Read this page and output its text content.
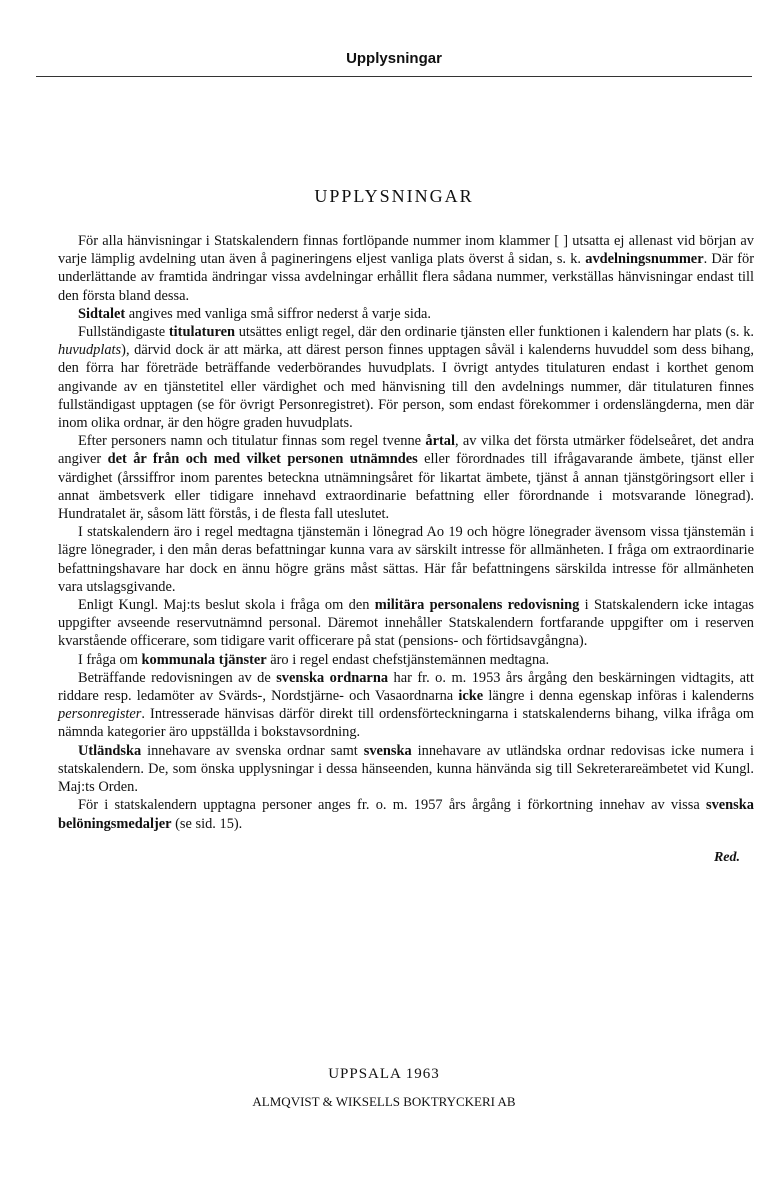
Upplysningar
UPPLYSNINGAR

För alla hänvisningar i Statskalendern finnas fortlöpande nummer inom klammer [ ] utsatta ej allenast vid början av varje lämplig avdelning utan även å pagineringens eljest vanliga plats överst å sidan, s. k. avdelningsnummer. Där för underlättande av framtida ändringar vissa avdelningar erhållit flera sådana nummer, verkställas hänvisningar endast till den första bland dessa.

Sidtalet angives med vanliga små siffror nederst å varje sida.

Fullständigaste titulaturen utsättes enligt regel, där den ordinarie tjänsten eller funktionen i kalendern har plats (s. k. huvudplats), därvid dock är att märka, att därest person finnes upptagen såväl i kalenderns huvuddel som dess bihang, den förra har företräde beträffande vederbörandes huvudplats. I övrigt antydes titulaturen endast i korthet genom angivande av en tjänstetitel eller värdighet och med hänvisning till den avdelnings nummer, där titulaturen finnes fullständigast upptagen (se för övrigt Personregistret). För person, som endast förekommer i ordenslängderna, men där inom olika ordnar, är den högre graden huvudplats.

Efter personers namn och titulatur finnas som regel tvenne årtal, av vilka det första utmärker födelseåret, det andra angiver det år från och med vilket personen utnämndes eller förordnades till ifrågavarande ämbete, tjänst eller värdighet (årssiffror inom parentes beteckna utnämningsåret för likartat ämbete, tjänst å annan tjänstgöringsort eller i annat ämbetsverk eller tidigare innehavd extraordinarie befattning eller förordnande i motsvarande lönegrad). Hundratalet är, såsom lätt förstås, i de flesta fall uteslutet.

I statskalendern äro i regel medtagna tjänstemän i lönegrad Ao 19 och högre lönegrader ävensom vissa tjänstemän i lägre lönegrader, i den mån deras befattningar kunna vara av särskilt intresse för allmänheten. I fråga om extraordinarie befattningshavare har dock en ännu högre gräns måst sättas. Här får befattningens särskilda intresse för allmänheten vara utslagsgivande.

Enligt Kungl. Maj:ts beslut skola i fråga om den militära personalens redovisning i Statskalendern icke intagas uppgifter avseende reservutnämnd personal. Däremot innehåller Statskalendern fortfarande uppgifter om i reserven kvarstående officerare, som tidigare varit officerare på stat (pensions- och förtidsavgångna).

I fråga om kommunala tjänster äro i regel endast chefstjänstemännen medtagna.

Beträffande redovisningen av de svenska ordnarna har fr. o. m. 1953 års årgång den beskärningen vidtagits, att riddare resp. ledamöter av Svärds-, Nordstjärne- och Vasaordnarna icke längre i denna egenskap införas i kalenderns personregister. Intresserade hänvisas därför direkt till ordensförteckningarna i statskalenderns bihang, vilka ifråga om nämnda kategorier äro uppställda i bokstavsordning.

Utländska innehavare av svenska ordnar samt svenska innehavare av utländska ordnar redovisas icke numera i statskalendern. De, som önska upplysningar i dessa hänseenden, kunna hänvända sig till Sekreterareämbetet vid Kungl. Maj:ts Orden.

För i statskalendern upptagna personer anges fr. o. m. 1957 års årgång i förkortning innehav av vissa svenska belöningsmedaljer (se sid. 15).

Red.
UPPSALA 1963
ALMQVIST & WIKSELLS BOKTRYCKERI AB
